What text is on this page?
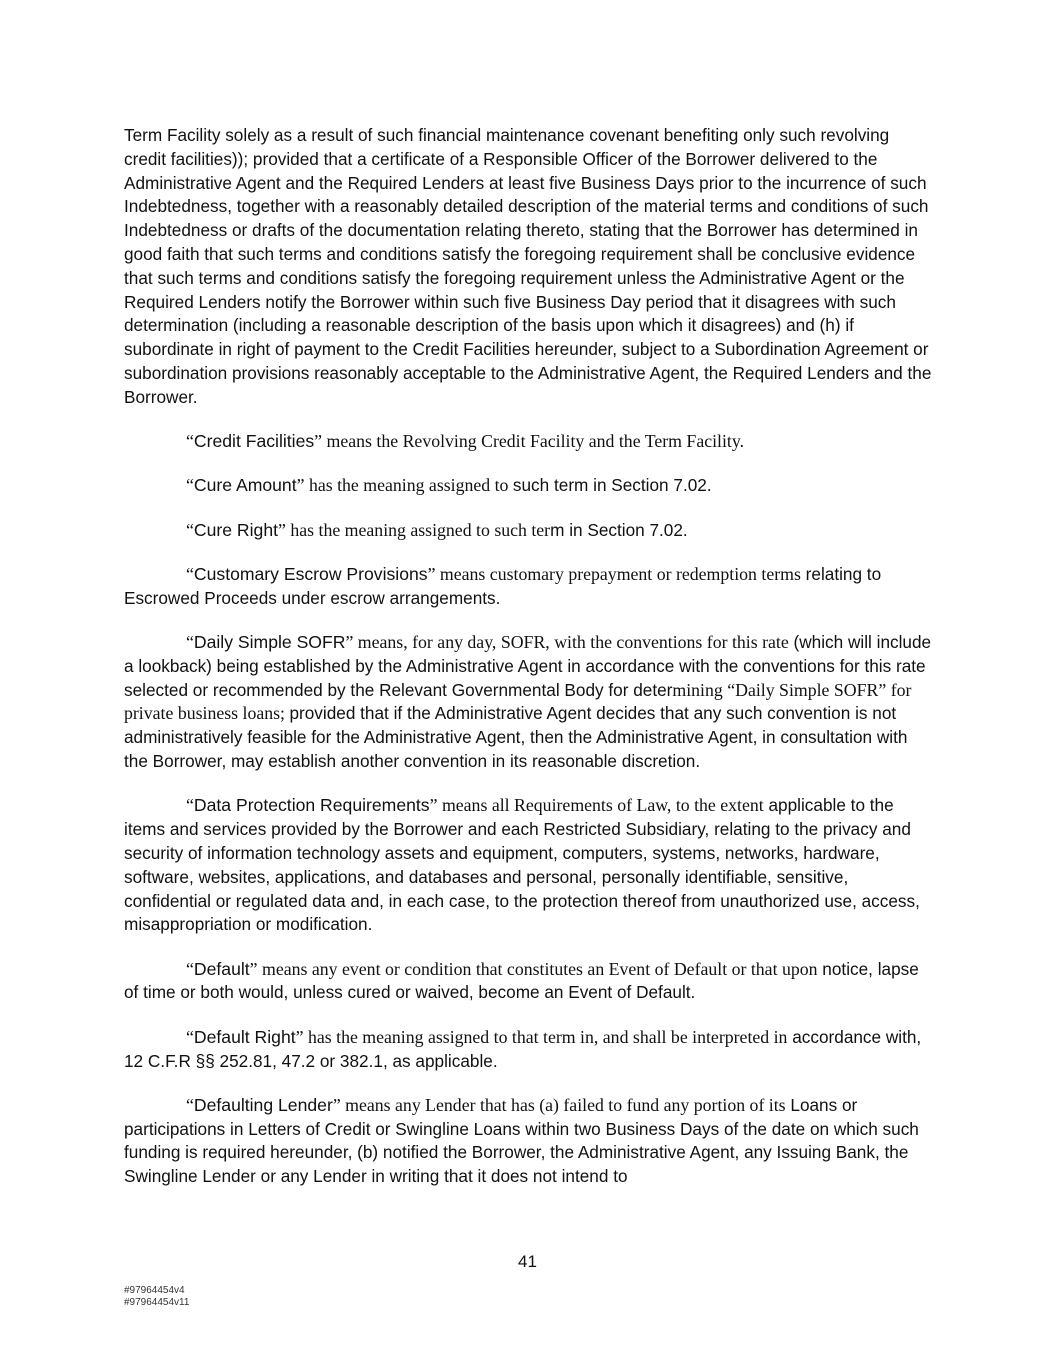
Term Facility solely as a result of such financial maintenance covenant benefiting only such revolving credit facilities)); provided that a certificate of a Responsible Officer of the Borrower delivered to the Administrative Agent and the Required Lenders at least five Business Days prior to the incurrence of such Indebtedness, together with a reasonably detailed description of the material terms and conditions of such Indebtedness or drafts of the documentation relating thereto, stating that the Borrower has determined in good faith that such terms and conditions satisfy the foregoing requirement shall be conclusive evidence that such terms and conditions satisfy the foregoing requirement unless the Administrative Agent or the Required Lenders notify the Borrower within such five Business Day period that it disagrees with such determination (including a reasonable description of the basis upon which it disagrees) and (h) if subordinate in right of payment to the Credit Facilities hereunder, subject to a Subordination Agreement or subordination provisions reasonably acceptable to the Administrative Agent, the Required Lenders and the Borrower.

“Credit Facilities” means the Revolving Credit Facility and the Term Facility.

“Cure Amount” has the meaning assigned to such term in Section 7.02.

“Cure Right” has the meaning assigned to such term in Section 7.02.

“Customary Escrow Provisions” means customary prepayment or redemption terms relating to Escrowed Proceeds under escrow arrangements.

“Daily Simple SOFR” means, for any day, SOFR, with the conventions for this rate (which will include a lookback) being established by the Administrative Agent in accordance with the conventions for this rate selected or recommended by the Relevant Governmental Body for determining “Daily Simple SOFR” for private business loans; provided that if the Administrative Agent decides that any such convention is not administratively feasible for the Administrative Agent, then the Administrative Agent, in consultation with the Borrower, may establish another convention in its reasonable discretion.

“Data Protection Requirements” means all Requirements of Law, to the extent applicable to the items and services provided by the Borrower and each Restricted Subsidiary, relating to the privacy and security of information technology assets and equipment, computers, systems, networks, hardware, software, websites, applications, and databases and personal, personally identifiable, sensitive, confidential or regulated data and, in each case, to the protection thereof from unauthorized use, access, misappropriation or modification.

“Default” means any event or condition that constitutes an Event of Default or that upon notice, lapse of time or both would, unless cured or waived, become an Event of Default.

“Default Right” has the meaning assigned to that term in, and shall be interpreted in accordance with, 12 C.F.R §§ 252.81, 47.2 or 382.1, as applicable.

“Defaulting Lender” means any Lender that has (a) failed to fund any portion of its Loans or participations in Letters of Credit or Swingline Loans within two Business Days of the date on which such funding is required hereunder, (b) notified the Borrower, the Administrative Agent, any Issuing Bank, the Swingline Lender or any Lender in writing that it does not intend to

41
#97964454v4
#97964454v11
